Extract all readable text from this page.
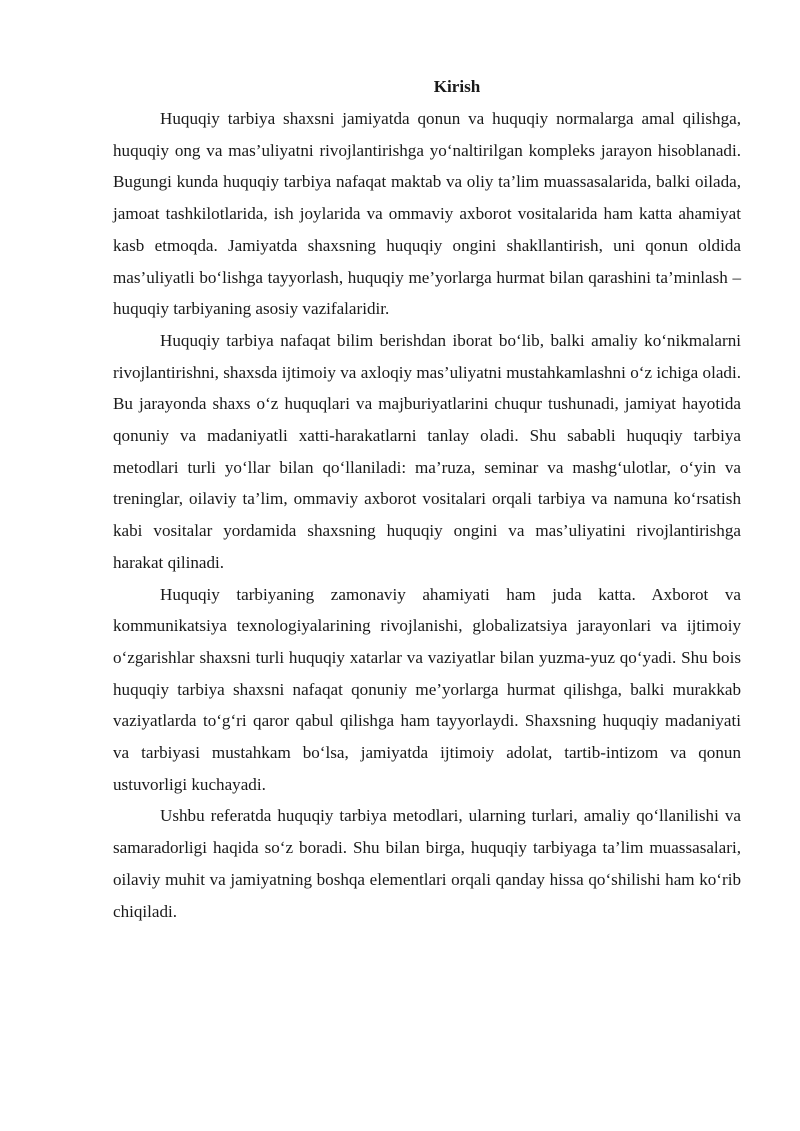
Kirish

Huquqiy tarbiya shaxsni jamiyatda qonun va huquqiy normalarga amal qilishga, huquqiy ong va mas’uliyatni rivojlantirishga yo‘naltirilgan kompleks jarayon hisoblanadi. Bugungi kunda huquqiy tarbiya nafaqat maktab va oliy ta’lim muassasalarida, balki oilada, jamoat tashkilotlarida, ish joylarida va ommaviy axborot vositalarida ham katta ahamiyat kasb etmoqda. Jamiyatda shaxsning huquqiy ongini shakllantirish, uni qonun oldida mas’uliyatli bo‘lishga tayyorlash, huquqiy me’yorlarga hurmat bilan qarashini ta’minlash – huquqiy tarbiyaning asosiy vazifalaridir.

Huquqiy tarbiya nafaqat bilim berishdan iborat bo‘lib, balki amaliy ko‘nikmalarni rivojlantirishni, shaxsda ijtimoiy va axloqiy mas’uliyatni mustahkamlashni o‘z ichiga oladi. Bu jarayonda shaxs o‘z huquqlari va majburiyatlarini chuqur tushunadi, jamiyat hayotida qonuniy va madaniyatli xatti-harakatlarni tanlay oladi. Shu sababli huquqiy tarbiya metodlari turli yo‘llar bilan qo‘llaniladi: ma’ruza, seminar va mashg‘ulotlar, o‘yin va treninglar, oilaviy ta’lim, ommaviy axborot vositalari orqali tarbiya va namuna ko‘rsatish kabi vositalar yordamida shaxsning huquqiy ongini va mas’uliyatini rivojlantirishga harakat qilinadi.

Huquqiy tarbiyaning zamonaviy ahamiyati ham juda katta. Axborot va kommunikatsiya texnologiyalarining rivojlanishi, globalizatsiya jarayonlari va ijtimoiy o‘zgarishlar shaxsni turli huquqiy xatarlar va vaziyatlar bilan yuzma-yuz qo‘yadi. Shu bois huquqiy tarbiya shaxsni nafaqat qonuniy me’yorlarga hurmat qilishga, balki murakkab vaziyatlarda to‘g‘ri qaror qabul qilishga ham tayyorlaydi. Shaxsning huquqiy madaniyati va tarbiyasi mustahkam bo‘lsa, jamiyatda ijtimoiy adolat, tartib-intizom va qonun ustuvorligi kuchayadi.

Ushbu referatda huquqiy tarbiya metodlari, ularning turlari, amaliy qo‘llanilishi va samaradorligi haqida so‘z boradi. Shu bilan birga, huquqiy tarbiyaga ta’lim muassasalari, oilaviy muhit va jamiyatning boshqa elementlari orqali qanday hissa qo‘shilishi ham ko‘rib chiqiladi.
